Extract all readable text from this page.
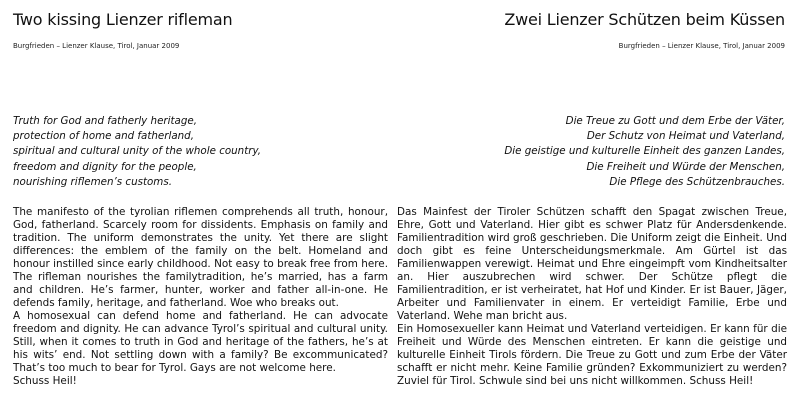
Two kissing Lienzer rifleman
Burgfrieden – Lienzer Klause, Tirol, Januar 2009
Truth for God and fatherly heritage,
protection of home and fatherland,
spiritual and cultural unity of the whole country,
freedom and dignity for the people,
nourishing riflemen’s customs.

The manifesto of the tyrolian riflemen comprehends all truth, honour, God, fatherland. Scarcely room for dissidents. Emphasis on family and tradition. The uniform demonstrates the unity. Yet there are slight differences: the emblem of the family on the belt. Homeland and honour instilled since early childhood. Not easy to break free from here. The rifleman nourishes the familytradition, he’s married, has a farm and children. He’s farmer, hunter, worker and father all-in-one. He defends family, heritage, and fatherland. Woe who breaks out.

A homosexual can defend home and fatherland. He can advocate freedom and dignity. He can advance Tyrol’s spiritual and cultural unity. Still, when it comes to truth in God and heritage of the fathers, he’s at his wits’ end. Not settling down with a family? Be excommunicated? That’s too much to bear for Tyrol. Gays are not welcome here.

Schuss Heil!

Zwei Lienzer Schützen beim Küssen
Burgfrieden – Lienzer Klause, Tirol, Januar 2009
Die Treue zu Gott und dem Erbe der Väter,
Der Schutz von Heimat und Vaterland,
Die geistige und kulturelle Einheit des ganzen Landes,
Die Freiheit und Würde der Menschen,
Die Pflege des Schützenbrauches.

Das Mainfest der Tiroler Schützen schafft den Spagat zwischen Treue, Ehre, Gott und Vaterland. Hier gibt es schwer Platz für Andersdenkende. Familientradition wird groß geschrieben. Die Uniform zeigt die Einheit. Und doch gibt es feine Unterscheidungsmerkmale. Am Gürtel ist das Familienwappen verewigt. Heimat und Ehre eingeimpft vom Kindheitsalter an. Hier auszubrechen wird schwer. Der Schütze pflegt die Familientradition, er ist verheiratet, hat Hof und Kinder. Er ist Bauer, Jäger, Arbeiter und Familienvater in einem. Er verteidigt Familie, Erbe und Vaterland. Wehe man bricht aus.

Ein Homosexueller kann Heimat und Vaterland verteidigen. Er kann für die Freiheit und Würde des Menschen eintreten. Er kann die geistige und kulturelle Einheit Tirols fördern. Die Treue zu Gott und zum Erbe der Väter schafft er nicht mehr. Keine Familie gründen? Exkommuniziert zu werden? Zuviel für Tirol. Schwule sind bei uns nicht willkommen. Schuss Heil!
